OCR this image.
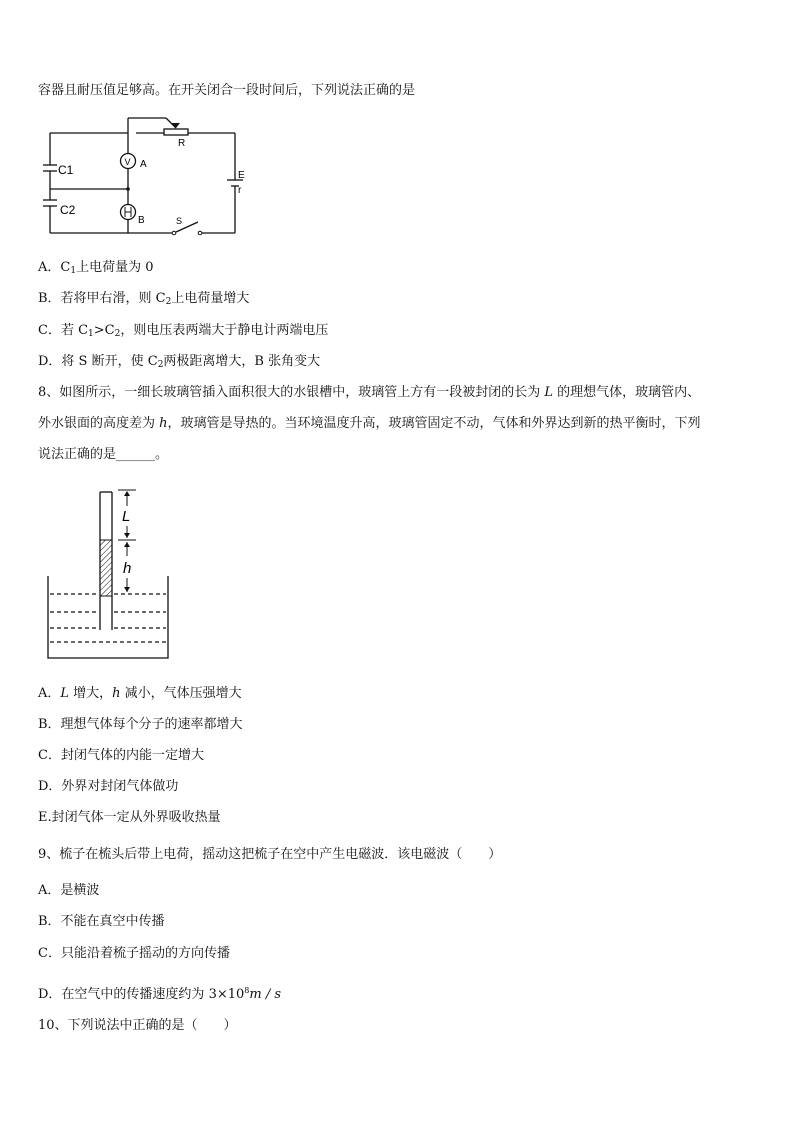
容器且耐压值足够高。在开关闭合一段时间后，下列说法正确的是
C1
C2
V A
B
R
E
r
S
A．$C_1$上电荷量为 0
B．若将甲右滑，则 $C_2$上电荷量增大
C．若 $C_1>C_2$，则电压表两端大于静电计两端电压
D．将 S 断开，使 $C_2$两极距离增大，B 张角变大
8、如图所示，一细长玻璃管插入面积很大的水银槽中，玻璃管上方有一段被封闭的长为 L 的理想气体，玻璃管内、
外水银面的高度差为 h，玻璃管是导热的。当环境温度升高，玻璃管固定不动，气体和外界达到新的热平衡时，下列
说法正确的是______。
L
h
A．L 增大，h 减小，气体压强增大
B．理想气体每个分子的速率都增大
C．封闭气体的内能一定增大
D．外界对封闭气体做功
E.封闭气体一定从外界吸收热量
9、梳子在梳头后带上电荷，摇动这把梳子在空中产生电磁波．该电磁波（　　）
A．是横波
B．不能在真空中传播
C．只能沿着梳子摇动的方向传播
D．在空气中的传播速度约为 $3\times 10^8m / s$
10、下列说法中正确的是（　　）
